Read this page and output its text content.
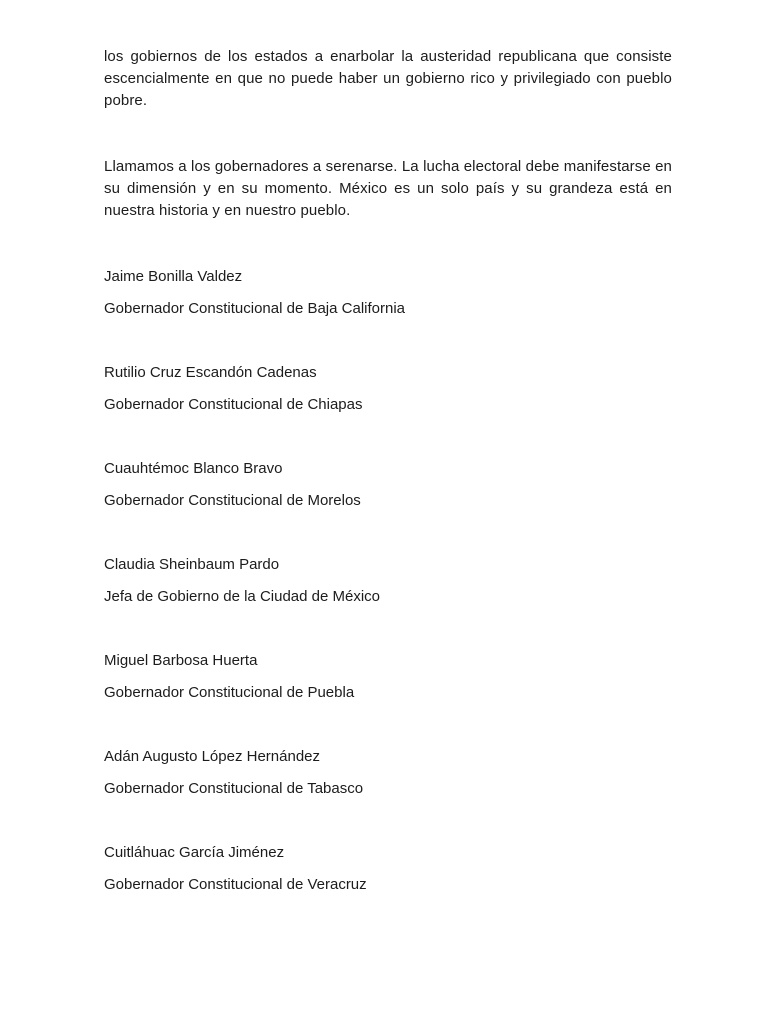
los gobiernos de los estados a enarbolar la austeridad republicana que consiste escencialmente en que no puede haber un gobierno rico y privilegiado con pueblo pobre.

Llamamos a los gobernadores a serenarse. La lucha electoral debe manifestarse en su dimensión y en su momento. México es un solo país y su grandeza está en nuestra historia y en nuestro pueblo.

Jaime Bonilla Valdez

Gobernador Constitucional de Baja California

Rutilio Cruz Escandón Cadenas

Gobernador Constitucional de Chiapas

Cuauhtémoc Blanco Bravo

Gobernador Constitucional de Morelos

Claudia Sheinbaum Pardo

Jefa de Gobierno de la Ciudad de México

Miguel Barbosa Huerta

Gobernador Constitucional de Puebla

Adán Augusto López Hernández

Gobernador Constitucional de Tabasco

Cuitláhuac García Jiménez

Gobernador Constitucional de Veracruz
